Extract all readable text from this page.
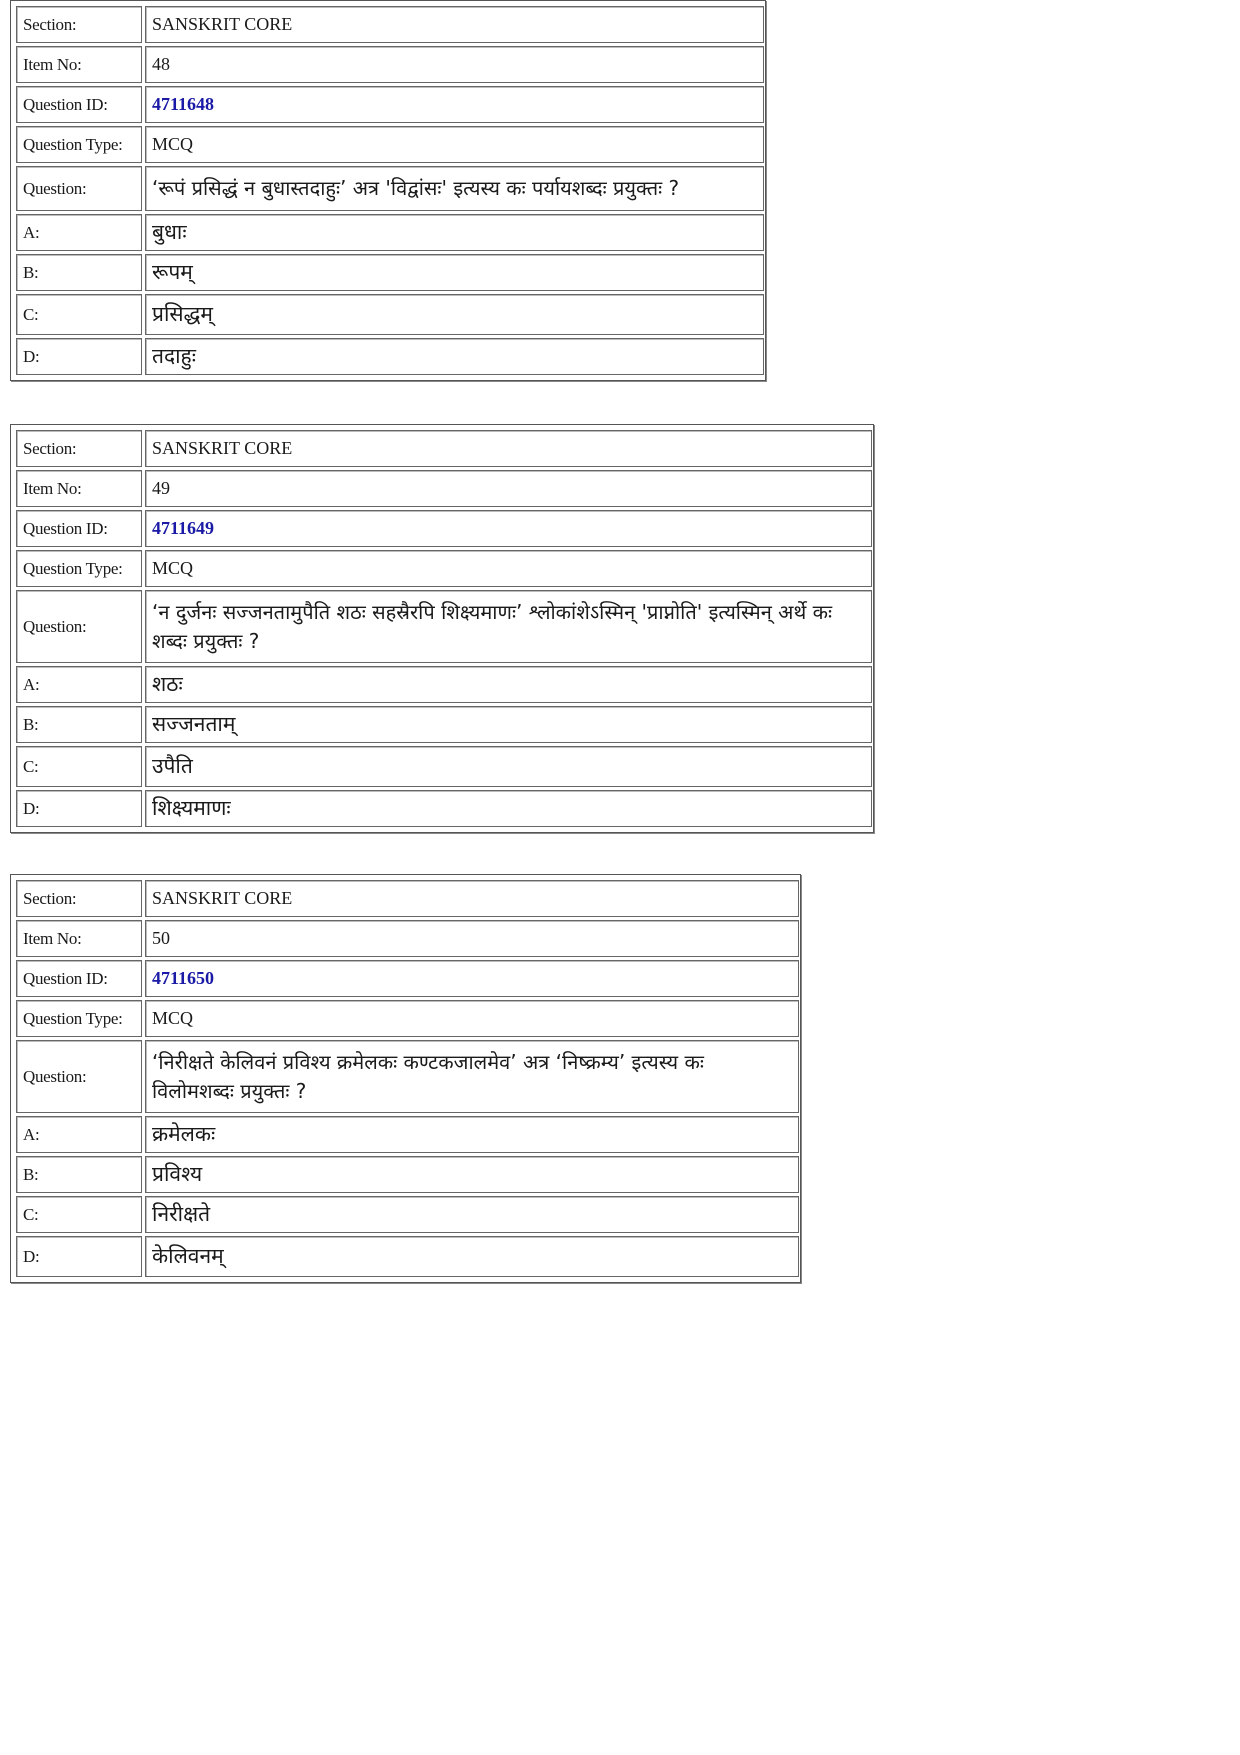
Section:	SANSKRIT CORE
Item No:	48
Question ID:	4711648
Question Type:	MCQ
Question:	‘रूपं प्रसिद्धं न बुधास्तदाहुः’ अत्र 'विद्वांसः' इत्यस्य कः पर्यायशब्दः प्रयुक्तः ?
A:	बुधाः
B:	रूपम्
C:	प्रसिद्धम्
D:	तदाहुः
Section:	SANSKRIT CORE
Item No:	49
Question ID:	4711649
Question Type:	MCQ
Question:	‘न दुर्जनः सज्जनतामुपैति शठः सहस्रैरपि शिक्ष्यमाणः’ श्लोकांशेऽस्मिन् 'प्राप्नोति' इत्यस्मिन् अर्थे कः शब्दः प्रयुक्तः ?
A:	शठः
B:	सज्जनताम्
C:	उपैति
D:	शिक्ष्यमाणः
Section:	SANSKRIT CORE
Item No:	50
Question ID:	4711650
Question Type:	MCQ
Question:	‘निरीक्षते केलिवनं प्रविश्य क्रमेलकः कण्टकजालमेव’ अत्र ‘निष्क्रम्य’ इत्यस्य कः विलोमशब्दः प्रयुक्तः ?
A:	क्रमेलकः
B:	प्रविश्य
C:	निरीक्षते
D:	केलिवनम्
